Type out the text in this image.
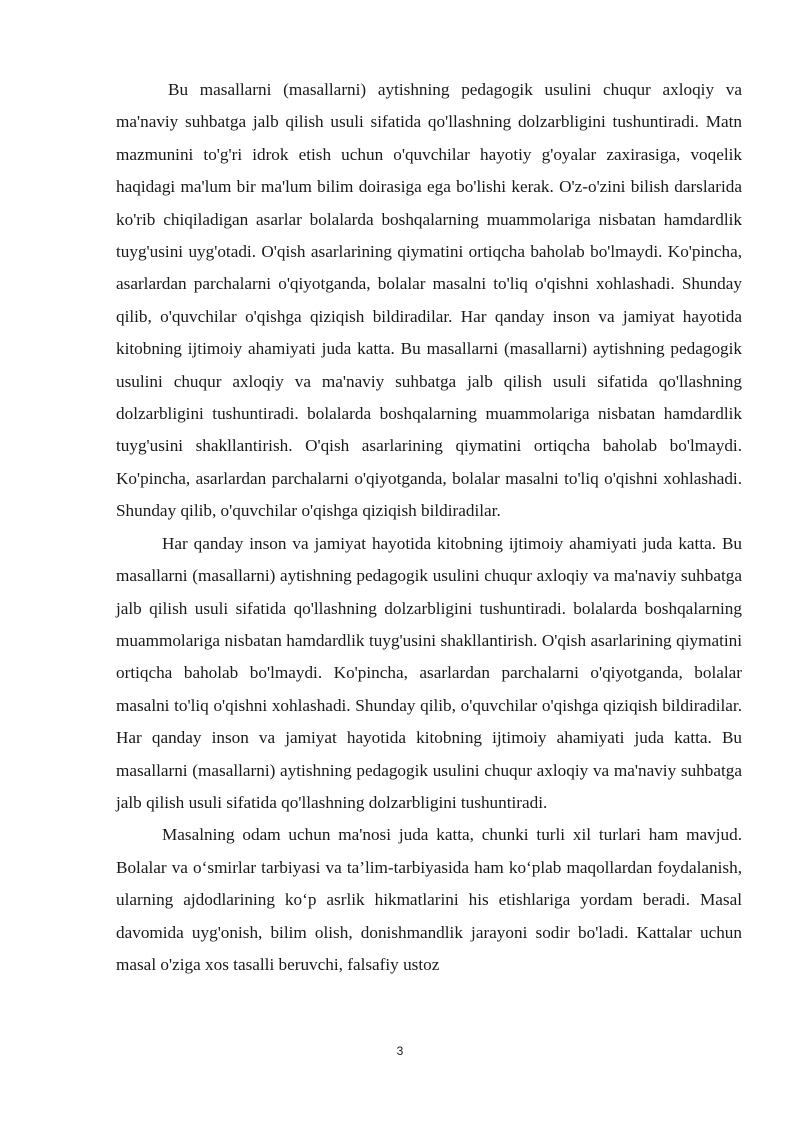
Bu masallarni (masallarni) aytishning pedagogik usulini chuqur axloqiy va ma'naviy suhbatga jalb qilish usuli sifatida qo'llashning dolzarbligini tushuntiradi. Matn mazmunini to'g'ri idrok etish uchun o'quvchilar hayotiy g'oyalar zaxirasiga, voqelik haqidagi ma'lum bir ma'lum bilim doirasiga ega bo'lishi kerak. O'z-o'zini bilish darslarida ko'rib chiqiladigan asarlar bolalarda boshqalarning muammolariga nisbatan hamdardlik tuyg'usini uyg'otadi. O'qish asarlarining qiymatini ortiqcha baholab bo'lmaydi. Ko'pincha, asarlardan parchalarni o'qiyotganda, bolalar masalni to'liq o'qishni xohlashadi. Shunday qilib, o'quvchilar o'qishga qiziqish bildiradilar. Har qanday inson va jamiyat hayotida kitobning ijtimoiy ahamiyati juda katta. Bu masallarni (masallarni) aytishning pedagogik usulini chuqur axloqiy va ma'naviy suhbatga jalb qilish usuli sifatida qo'llashning dolzarbligini tushuntiradi. bolalarda boshqalarning muammolariga nisbatan hamdardlik tuyg'usini shakllantirish. O'qish asarlarining qiymatini ortiqcha baholab bo'lmaydi. Ko'pincha, asarlardan parchalarni o'qiyotganda, bolalar masalni to'liq o'qishni xohlashadi. Shunday qilib, o'quvchilar o'qishga qiziqish bildiradilar.

Har qanday inson va jamiyat hayotida kitobning ijtimoiy ahamiyati juda katta. Bu masallarni (masallarni) aytishning pedagogik usulini chuqur axloqiy va ma'naviy suhbatga jalb qilish usuli sifatida qo'llashning dolzarbligini tushuntiradi. bolalarda boshqalarning muammolariga nisbatan hamdardlik tuyg'usini shakllantirish. O'qish asarlarining qiymatini ortiqcha baholab bo'lmaydi. Ko'pincha, asarlardan parchalarni o'qiyotganda, bolalar masalni to'liq o'qishni xohlashadi. Shunday qilib, o'quvchilar o'qishga qiziqish bildiradilar. Har qanday inson va jamiyat hayotida kitobning ijtimoiy ahamiyati juda katta. Bu masallarni (masallarni) aytishning pedagogik usulini chuqur axloqiy va ma'naviy suhbatga jalb qilish usuli sifatida qo'llashning dolzarbligini tushuntiradi.

Masalning odam uchun ma'nosi juda katta, chunki turli xil turlari ham mavjud. Bolalar va o‘smirlar tarbiyasi va ta’lim-tarbiyasida ham ko‘plab maqollardan foydalanish, ularning ajdodlarining ko‘p asrlik hikmatlarini his etishlariga yordam beradi. Masal davomida uyg'onish, bilim olish, donishmandlik jarayoni sodir bo'ladi. Kattalar uchun masal o'ziga xos tasalli beruvchi, falsafiy ustoz

3
